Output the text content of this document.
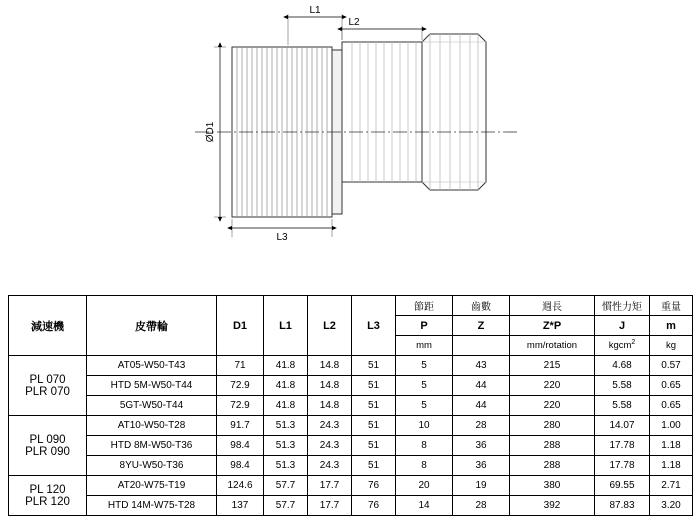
L1
L2
L3
ØD1
減速機	皮帶輪	D1	L1	L2	L3	節距	齒數	週長	慣性力矩	重量
						P	Z	Z*P	J	m
						mm		mm/rotation	kgcm$^2$	kg

PL 070
PLR 070	AT05-W50-T43	71	41.8	14.8	51	5	43	215	4.68	0.57
	HTD 5M-W50-T44	72.9	41.8	14.8	51	5	44	220	5.58	0.65
	5GT-W50-T44	72.9	41.8	14.8	51	5	44	220	5.58	0.65

PL 090
PLR 090	AT10-W50-T28	91.7	51.3	24.3	51	10	28	280	14.07	1.00
	HTD 8M-W50-T36	98.4	51.3	24.3	51	8	36	288	17.78	1.18
	8YU-W50-T36	98.4	51.3	24.3	51	8	36	288	17.78	1.18

PL 120
PLR 120	AT20-W75-T19	124.6	57.7	17.7	76	20	19	380	69.55	2.71
	HTD 14M-W75-T28	137	57.7	17.7	76	14	28	392	87.83	3.20
